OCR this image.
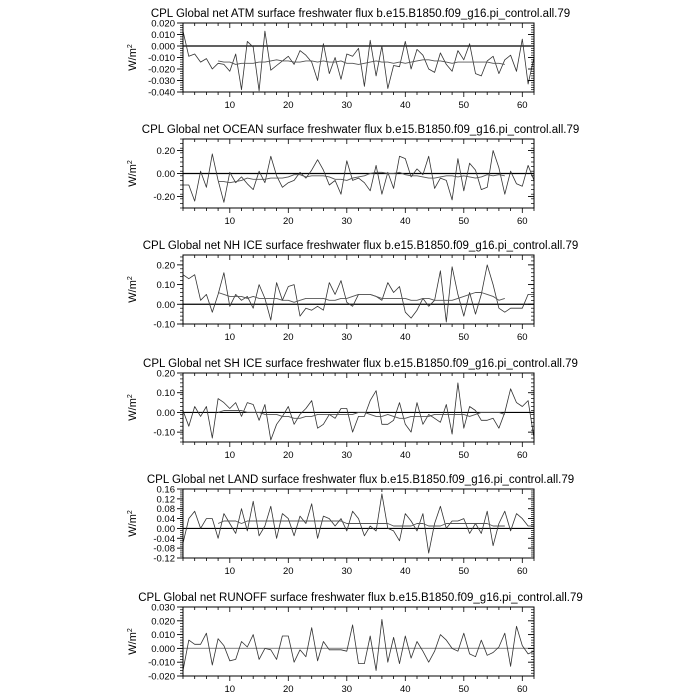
CPL Global net ATM surface freshwater flux b.e15.B1850.f09_g16.pi_control.all.79
$W/m^2$
10	20	30	40	50	60
0.020
0.010
0.000
-0.010
-0.020
-0.030
-0.040
CPL Global net OCEAN surface freshwater flux b.e15.B1850.f09_g16.pi_control.all.79
$W/m^2$
10	20	30	40	50	60
0.20
0.00
-0.20
CPL Global net NH ICE surface freshwater flux b.e15.B1850.f09_g16.pi_control.all.79
$W/m^2$
10	20	30	40	50	60
0.20
0.10
0.00
-0.10
CPL Global net SH ICE surface freshwater flux b.e15.B1850.f09_g16.pi_control.all.79
$W/m^2$
10	20	30	40	50	60
0.20
0.10
0.00
-0.10
CPL Global net LAND surface freshwater flux b.e15.B1850.f09_g16.pi_control.all.79
$W/m^2$
10	20	30	40	50	60
0.16
0.12
0.08
0.04
0.00
-0.04
-0.08
-0.12
CPL Global net RUNOFF surface freshwater flux b.e15.B1850.f09_g16.pi_control.all.79
$W/m^2$
10	20	30	40	50	60
0.030
0.020
0.010
0.000
-0.010
-0.020
